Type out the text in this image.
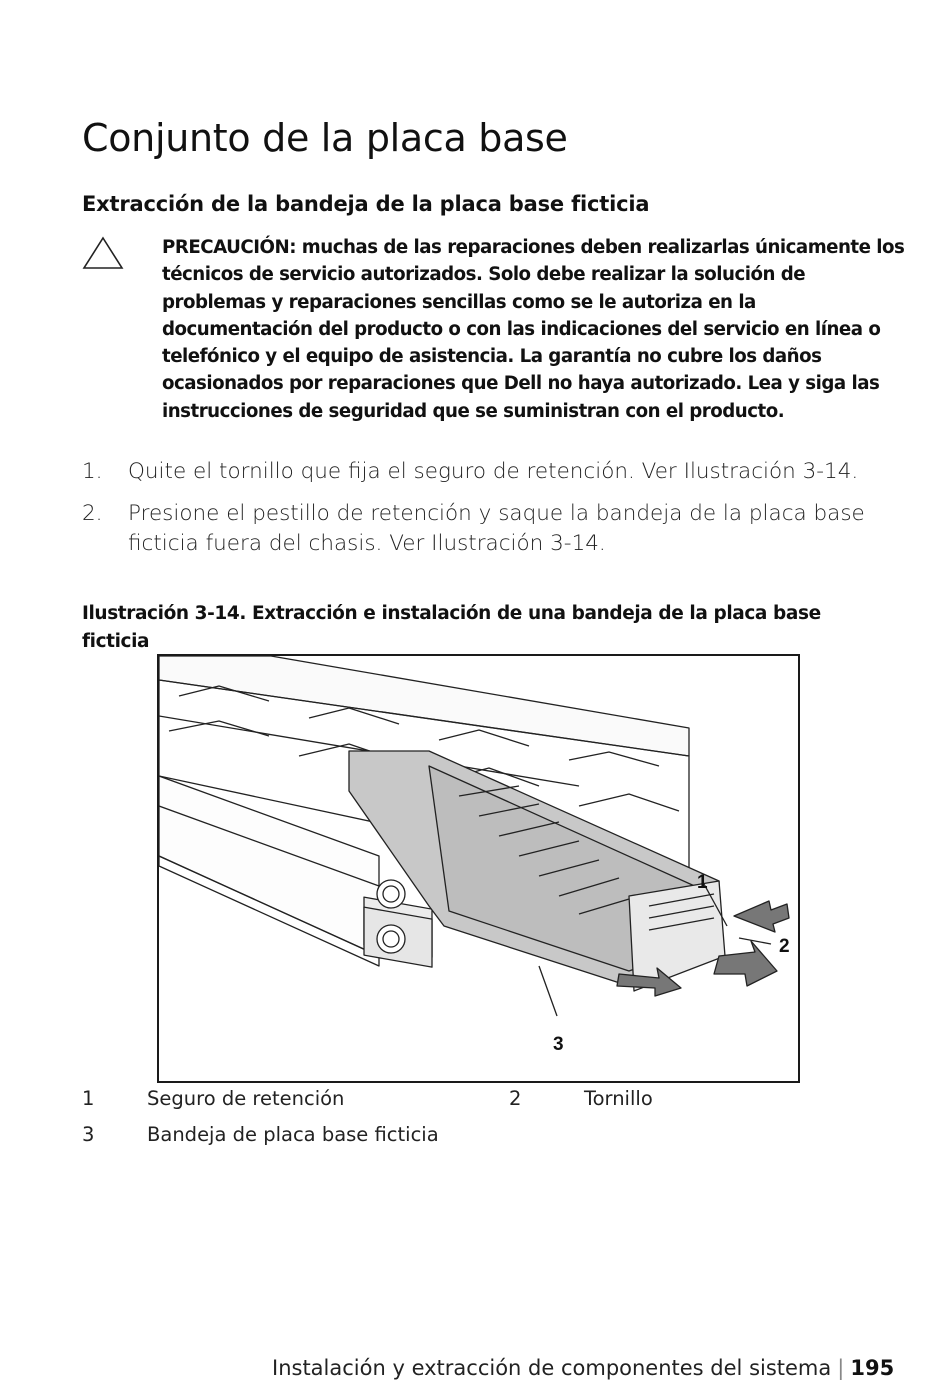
Conjunto de la placa base
Extracción de la bandeja de la placa base ficticia
PRECAUCIÓN: muchas de las reparaciones deben realizarlas únicamente los técnicos de servicio autorizados. Solo debe realizar la solución de problemas y reparaciones sencillas como se le autoriza en la documentación del producto o con las indicaciones del servicio en línea o telefónico y el equipo de asistencia. La garantía no cubre los daños ocasionados por reparaciones que Dell no haya autorizado. Lea y siga las instrucciones de seguridad que se suministran con el producto.
1. Quite el tornillo que fija el seguro de retención. Ver Ilustración 3-14.
2. Presione el pestillo de retención y saque la bandeja de la placa base ficticia fuera del chasis. Ver Ilustración 3-14.
Ilustración 3-14. Extracción e instalación de una bandeja de la placa base ficticia
1
2
3
1	Seguro de retención	2	Tornillo
3	Bandeja de placa base ficticia
Instalación y extracción de componentes del sistema | 195
